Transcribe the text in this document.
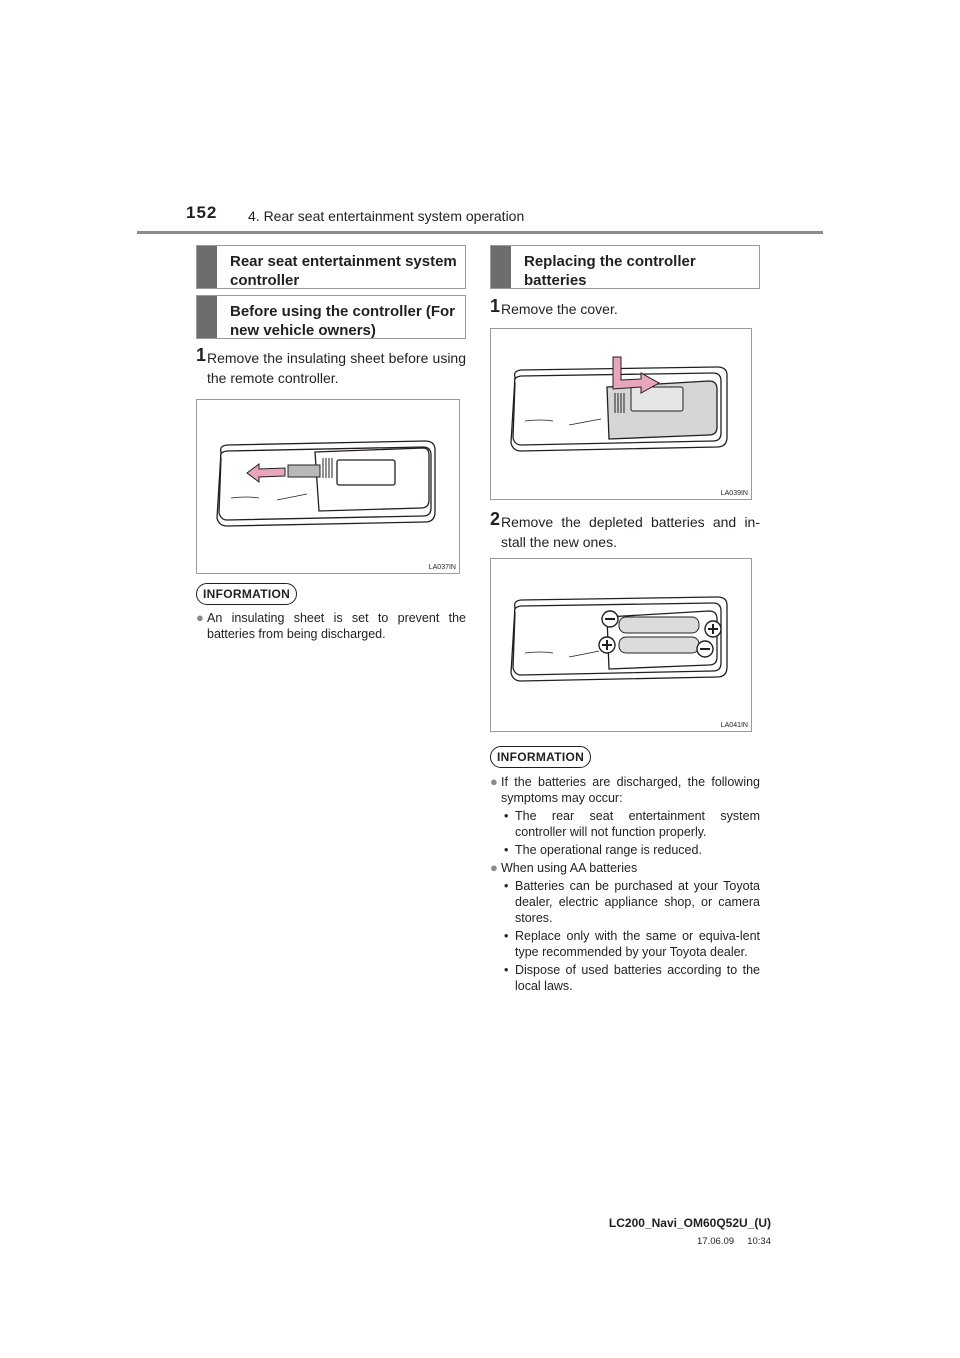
152 4. Rear seat entertainment system operation
Rear seat entertainment system controller
Before using the controller (For new vehicle owners)
1 Remove the insulating sheet before using the remote controller.
LA037IN
INFORMATION
● An insulating sheet is set to prevent the batteries from being discharged.
Replacing the controller batteries
1 Remove the cover.
LA039IN
2 Remove the depleted batteries and in-stall the new ones.
LA041IN
INFORMATION
● If the batteries are discharged, the following symptoms may occur:
• The rear seat entertainment system controller will not function properly.
• The operational range is reduced.
● When using AA batteries
• Batteries can be purchased at your Toyota dealer, electric appliance shop, or camera stores.
• Replace only with the same or equiva-lent type recommended by your Toyota dealer.
• Dispose of used batteries according to the local laws.
LC200_Navi_OM60Q52U_(U)
17.06.09     10:34
